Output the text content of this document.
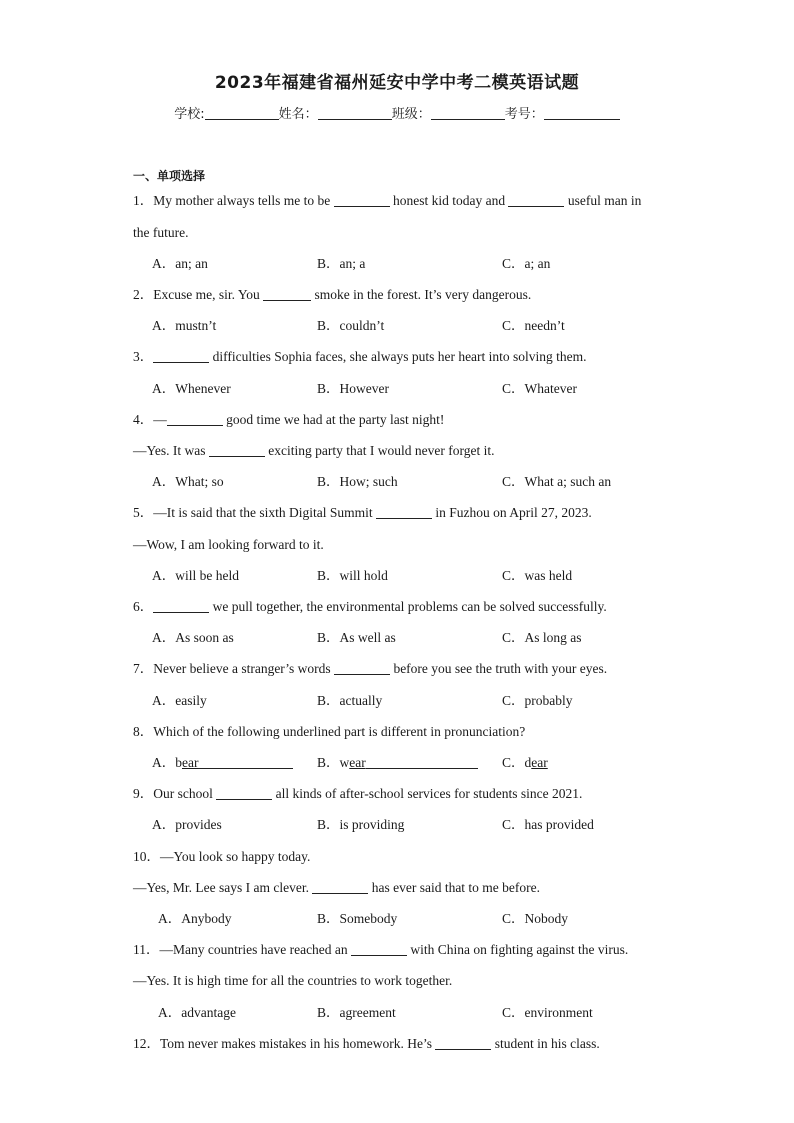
2023年福建省福州延安中学中考二模英语试题
学校:	姓名：	班级：	考号：
一、单项选择
1．My mother always tells me to be	honest kid today and	useful man in
the future.
A．an; an	B．an; a	C．a; an
2．Excuse me, sir. You	smoke in the forest. It’s very dangerous.
A．mustn’t	B．couldn’t	C．needn’t
3．	difficulties Sophia faces, she always puts her heart into solving them.
A．Whenever	B．However	C．Whatever
4．—	good time we had at the party last night!
—Yes. It was	exciting party that I would never forget it.
A．What; so	B．How; such	C．What a; such an
5．—It is said that the sixth Digital Summit	in Fuzhou on April 27, 2023.
—Wow, I am looking forward to it.
A．will be held	B．will hold	C．was held
6．	we pull together, the environmental problems can be solved successfully.
A．As soon as	B．As well as	C．As long as
7．Never believe a stranger’s words	before you see the truth with your eyes.
A．easily	B．actually	C．probably
8．Which of the following underlined part is different in pronunciation?
A．bear	B．wear	C．dear
9．Our school	all kinds of after-school services for students since 2021.
A．provides	B．is providing	C．has provided
10．—You look so happy today.
—Yes, Mr. Lee says I am clever.	has ever said that to me before.
A．Anybody	B．Somebody	C．Nobody
11．—Many countries have reached an	with China on fighting against the virus.
—Yes. It is high time for all the countries to work together.
A．advantage	B．agreement	C．environment
12．Tom never makes mistakes in his homework. He’s	student in his class.
